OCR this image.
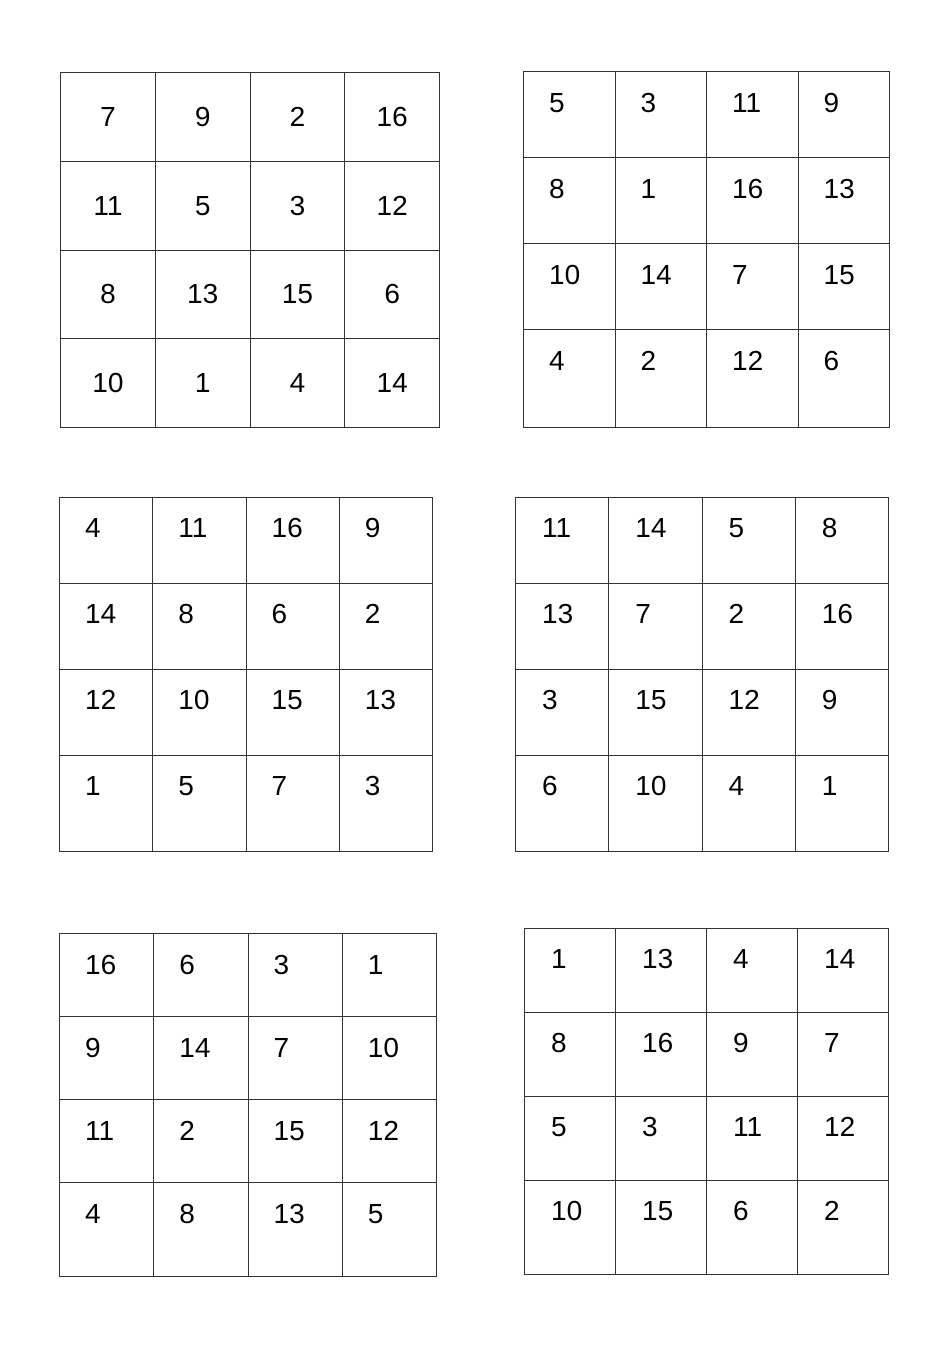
7	9	2	16
11	5	3	12
8	13	15	6
10	1	4	14
5	3	11	9
8	1	16	13
10	14	7	15
4	2	12	6
4	11	16	9
14	8	6	2
12	10	15	13
1	5	7	3
11	14	5	8
13	7	2	16
3	15	12	9
6	10	4	1
16	6	3	1
9	14	7	10
11	2	15	12
4	8	13	5
1	13	4	14
8	16	9	7
5	3	11	12
10	15	6	2
